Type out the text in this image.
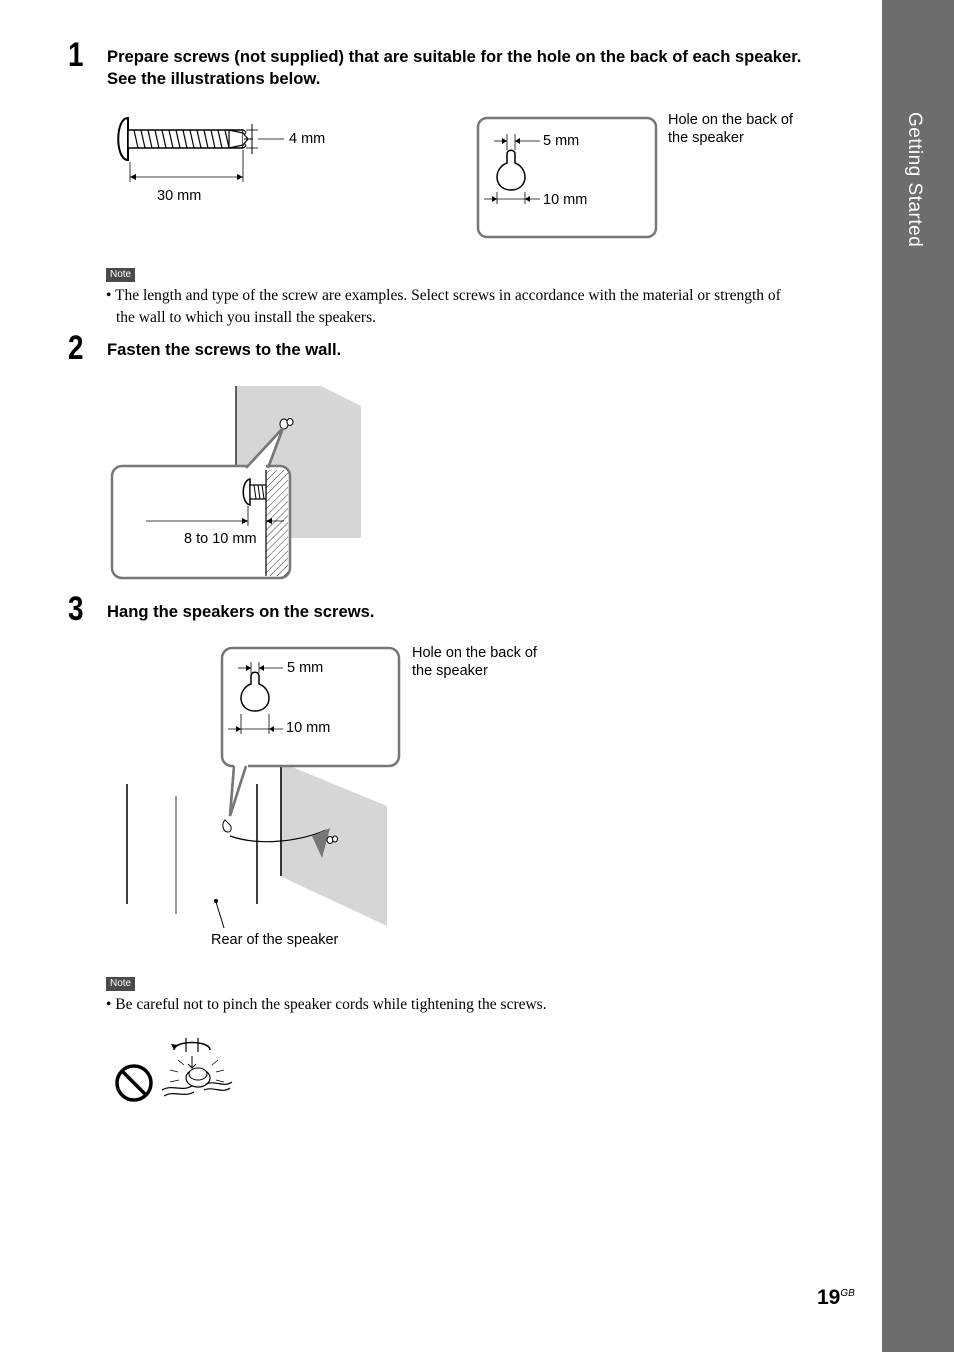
Getting Started
1 Prepare screws (not supplied) that are suitable for the hole on the back of each speaker.
See the illustrations below.
4 mm
30 mm
5 mm
10 mm
Hole on the back of
the speaker
Note
• The length and type of the screw are examples. Select screws in accordance with the material or strength of
the wall to which you install the speakers.
2 Fasten the screws to the wall.
8 to 10 mm
3 Hang the speakers on the screws.
5 mm
10 mm
Hole on the back of
the speaker
Rear of the speaker
Note
• Be careful not to pinch the speaker cords while tightening the screws.
$19^{GB}$
